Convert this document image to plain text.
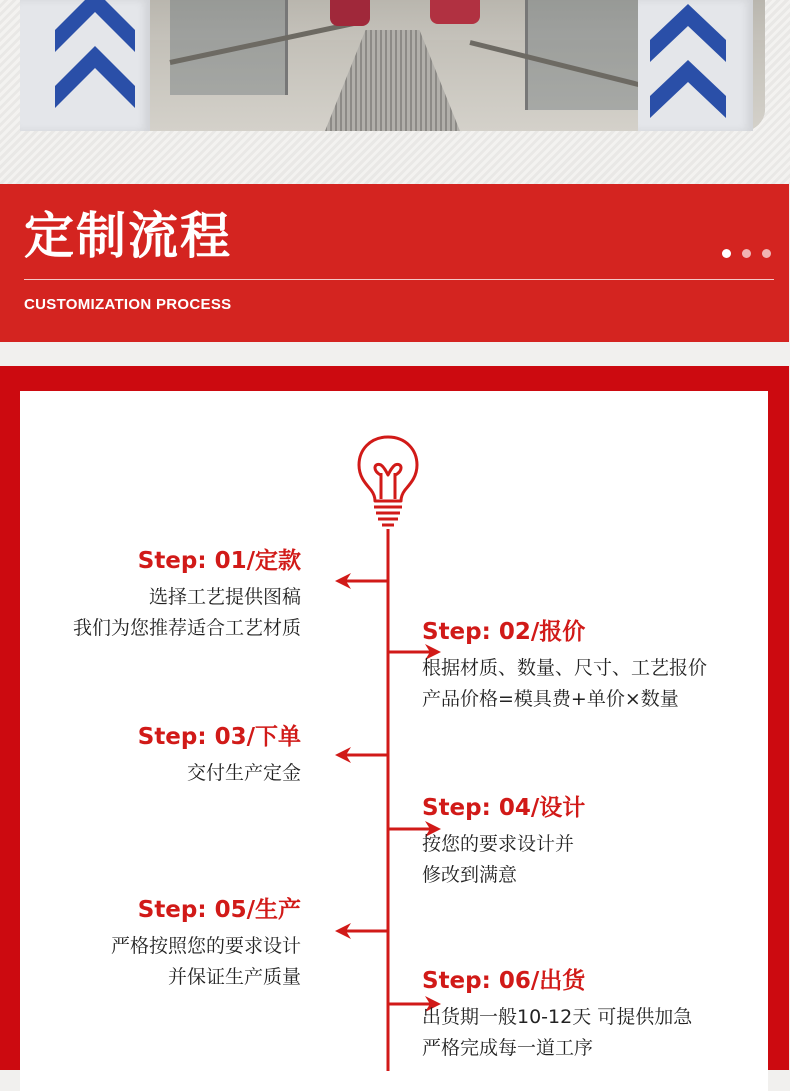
定制流程
CUSTOMIZATION PROCESS
Step: 01/定款
选择工艺提供图稿
我们为您推荐适合工艺材质	Step: 02/报价
根据材质、数量、尺寸、工艺报价
产品价格=模具费+单价×数量
Step: 03/下单
交付生产定金
Step: 04/设计
按您的要求设计并
修改到满意
Step: 05/生产
严格按照您的要求设计
并保证生产质量	Step: 06/出货
出货期一般10-12天 可提供加急
严格完成每一道工序
